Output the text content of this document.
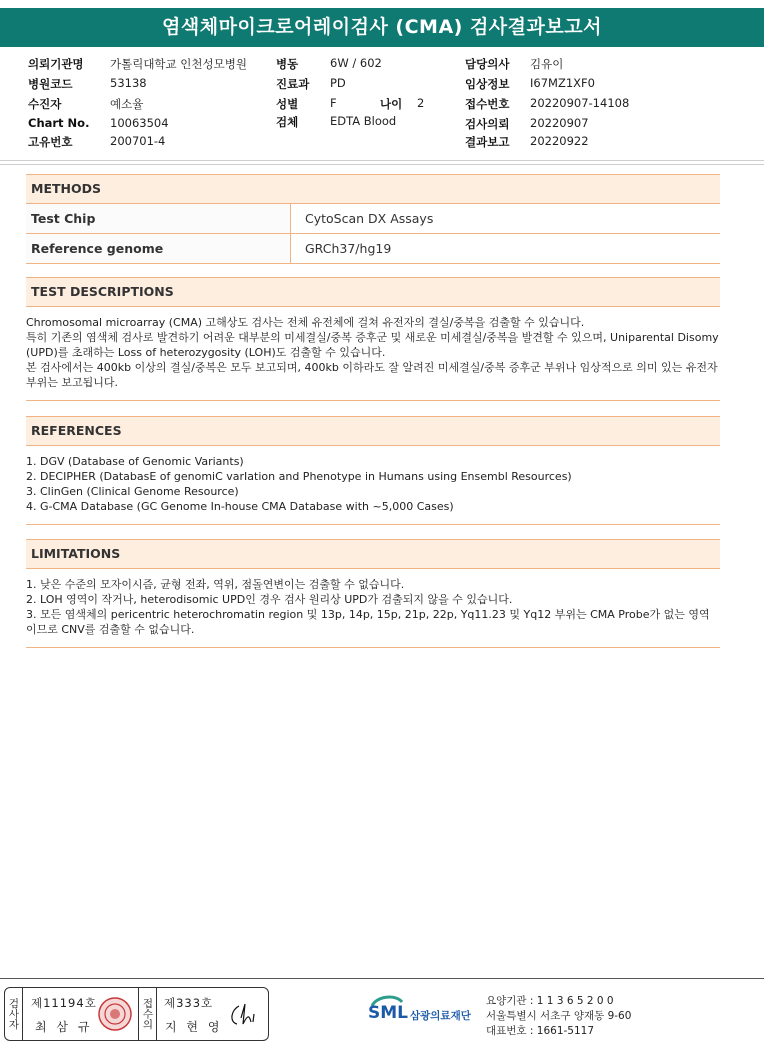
염색체마이크로어레이검사 (CMA) 검사결과보고서
의뢰기관명 가톨릭대학교 인천성모병원
병원코드	53138
수진자	예소율
Chart No. 10063504
고유번호	200701-4
병동	6W / 602
진료과 PD
성별	F	나이 2
검체	EDTA Blood
담당의사 김유이
임상정보 I67MZ1XF0
접수번호 20220907-14108
검사의뢰 20220907
결과보고 20220922
METHODS
Test Chip	CytoScan DX Assays
Reference genome	GRCh37/hg19
TEST DESCRIPTIONS

Chromosomal microarray (CMA) 고해상도 검사는 전체 유전체에 걸쳐 유전자의 결실/중복을 검출할 수 있습니다.

특히 기존의 염색체 검사로 발견하기 어려운 대부분의 미세결실/중복 증후군 및 새로운 미세결실/중복을 발견할 수 있으며, Uniparental Disomy (UPD)를 초래하는 Loss of heterozygosity (LOH)도 검출할 수 있습니다.

본 검사에서는 400kb 이상의 결실/중복은 모두 보고되며, 400kb 이하라도 잘 알려진 미세결실/중복 증후군 부위나 임상적으로 의미 있는 유전자 부위는 보고됩니다.

REFERENCES

1. DGV (Database of Genomic Variants)

2. DECIPHER (DatabasE of genomiC varIation and Phenotype in Humans using Ensembl Resources)

3. ClinGen (Clinical Genome Resource)

4. G-CMA Database (GC Genome In-house CMA Database with ~5,000 Cases)

LIMITATIONS

1. 낮은 수준의 모자이시즘, 균형 전좌, 역위, 점돌연변이는 검출할 수 없습니다.

2. LOH 영역이 작거나, heterodisomic UPD인 경우 검사 원리상 UPD가 검출되지 않을 수 있습니다.

3. 모든 염색체의 pericentric heterochromatin region 및 13p, 14p, 15p, 21p, 22p, Yq11.23 및 Yq12 부위는 CMA Probe가 없는 영역이므로 CNV를 검출할 수 없습니다.

검사자 제11194호
최 삼 규	접수의 제333호
지 현 영
SML 삼광의료재단
요양기관 : 1 1 3 6 5 2 0 0
서울특별시 서초구 양재동 9-60
대표번호 : 1661-5117
